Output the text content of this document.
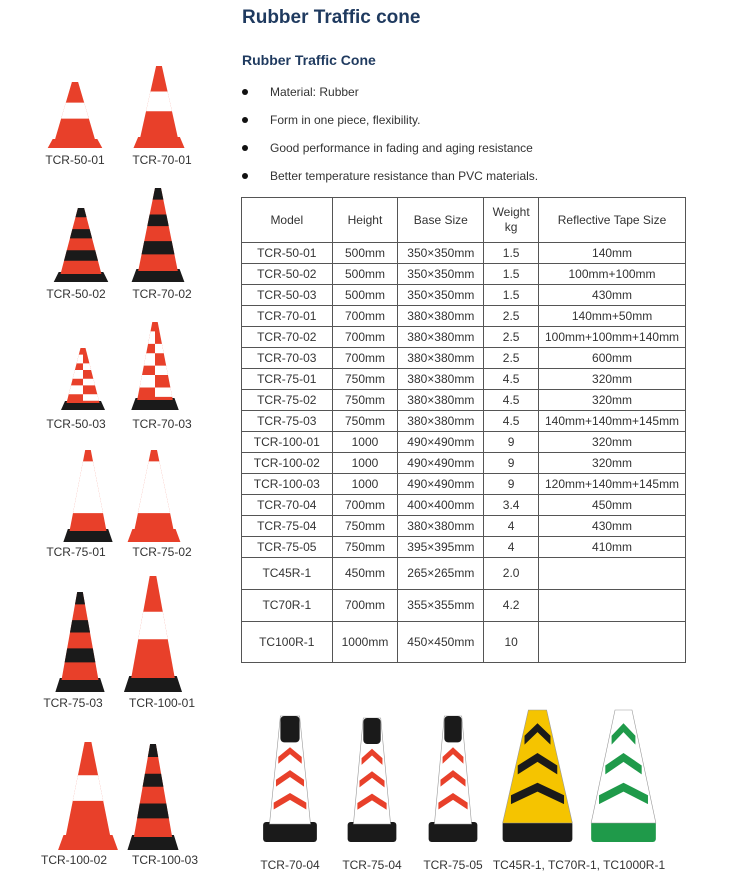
Rubber Traffic cone
Rubber Traffic Cone
Material: Rubber
Form in one piece, flexibility.
Good performance in fading and aging resistance
Better temperature resistance than PVC materials.
Model	Height	Base Size	Weight kg	Reflective Tape Size
TCR-50-01	500mm	350×350mm	1.5	140mm
TCR-50-02	500mm	350×350mm	1.5	100mm+100mm
TCR-50-03	500mm	350×350mm	1.5	430mm
TCR-70-01	700mm	380×380mm	2.5	140mm+50mm
TCR-70-02	700mm	380×380mm	2.5	100mm+100mm+140mm
TCR-70-03	700mm	380×380mm	2.5	600mm
TCR-75-01	750mm	380×380mm	4.5	320mm
TCR-75-02	750mm	380×380mm	4.5	320mm
TCR-75-03	750mm	380×380mm	4.5	140mm+140mm+145mm
TCR-100-01	1000	490×490mm	9	320mm
TCR-100-02	1000	490×490mm	9	320mm
TCR-100-03	1000	490×490mm	9	120mm+140mm+145mm
TCR-70-04	700mm	400×400mm	3.4	450mm
TCR-75-04	750mm	380×380mm	4	430mm
TCR-75-05	750mm	395×395mm	4	410mm
TC45R-1	450mm	265×265mm	2.0	
TC70R-1	700mm	355×355mm	4.2	
TC100R-1	1000mm	450×450mm	10	
TCR-50-01	TCR-70-01
TCR-50-02	TCR-70-02
TCR-50-03	TCR-70-03
TCR-75-01	TCR-75-02
TCR-75-03	TCR-100-01
TCR-100-02	TCR-100-03	TCR-70-04	TCR-75-04	TCR-75-05 TC45R-1, TC70R-1, TC1000R-1
